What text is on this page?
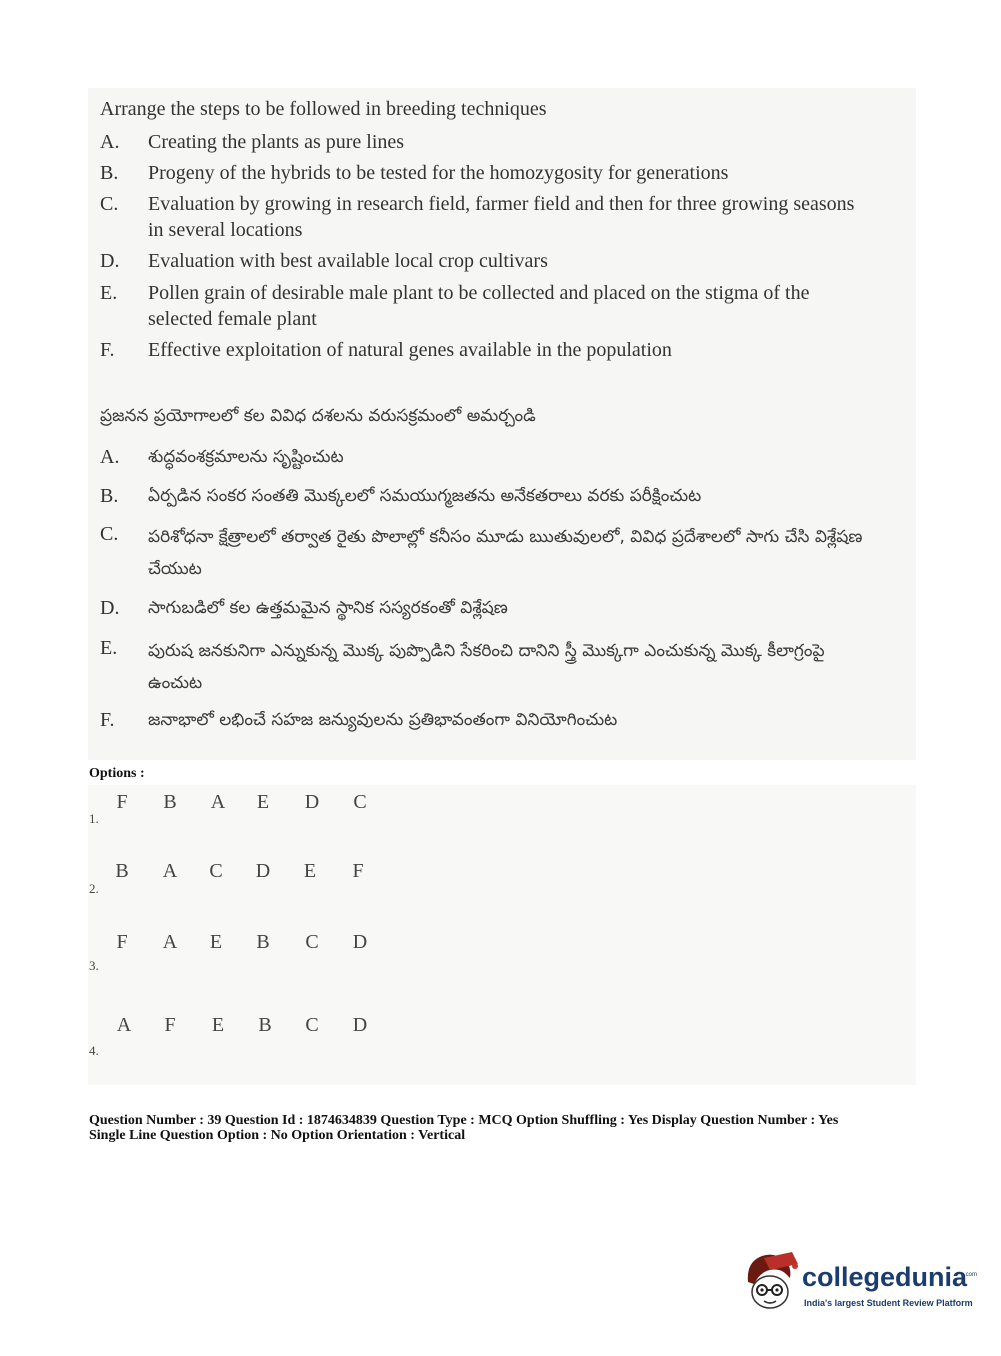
Arrange the steps to be followed in breeding techniques
A. Creating the plants as pure lines
B. Progeny of the hybrids to be tested for the homozygosity for generations
C. Evaluation by growing in research field, farmer field and then for three growing seasons in several locations
D. Evaluation with best available local crop cultivars
E. Pollen grain of desirable male plant to be collected and placed on the stigma of the selected female plant
F. Effective exploitation of natural genes available in the population
ప్రజనన ప్రయోగాలలో కల వివిధ దశలను వరుసక్రమంలో అమర్చండి
A. శుద్ధవంశక్రమాలను సృష్టించుట
B. ఏర్పడిన సంకర సంతతి మొక్కలలో సమయుగ్మజతను అనేకతరాలు వరకు పరీక్షించుట
C. పరిశోధనా క్షేత్రాలలో తర్వాత రైతు పొలాల్లో కనీసం మూడు ఋతువులలో, వివిధ ప్రదేశాలలో సాగు చేసి విశ్లేషణ చేయుట
D. సాగుబడిలో కల ఉత్తమమైన స్థానిక సస్యరకంతో విశ్లేషణ
E. పురుష జనకునిగా ఎన్నుకున్న మొక్క పుప్పొడిని సేకరించి దానిని స్త్రీ మొక్కగా ఎంచుకున్న మొక్క కీలాగ్రంపై ఉంచుట
F. జనాభాలో లభించే సహజ జన్యువులను ప్రతిభావంతంగా వినియోగించుట
Options :
F B A E D C
1.
B A C D E F
2.
F A E B C D
3.
A F E B C D
4.
Question Number : 39 Question Id : 1874634839 Question Type : MCQ Option Shuffling : Yes Display Question Number : Yes
Single Line Question Option : No Option Orientation : Vertical
collegedunia
.com
India's largest Student Review Platform
